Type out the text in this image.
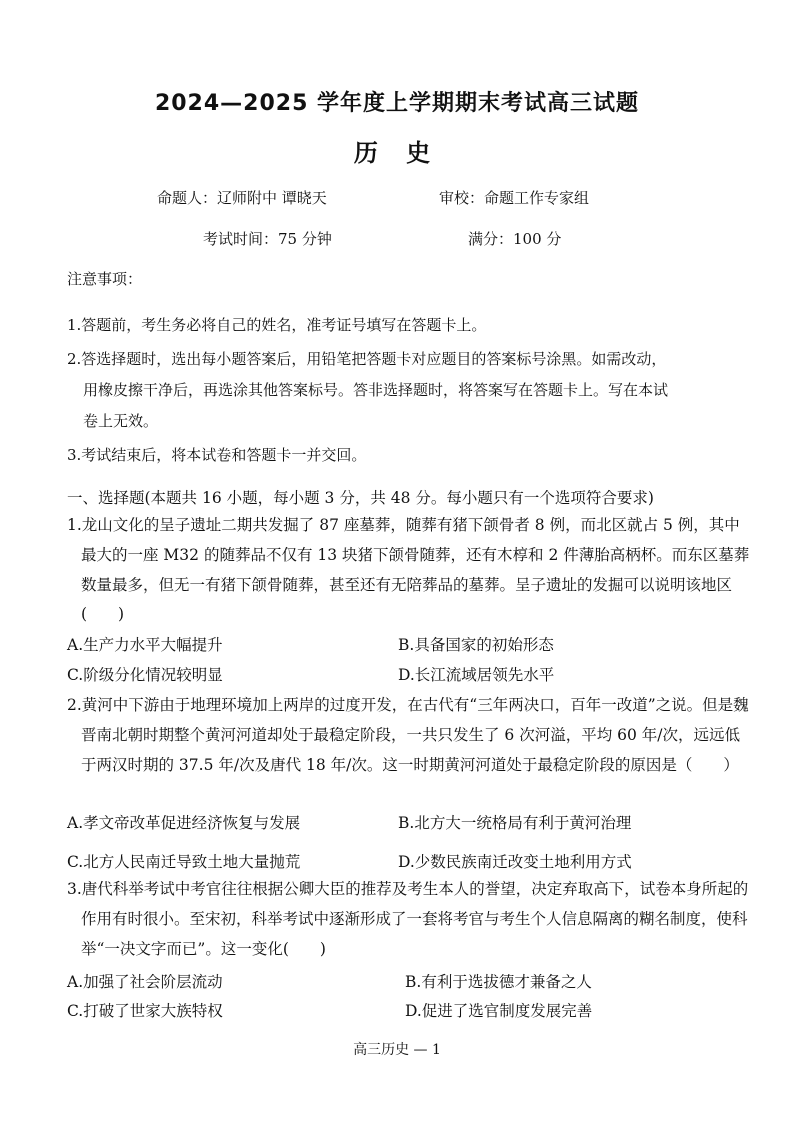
2024—2025 学年度上学期期末考试高三试题
历 史
命题人：辽师附中 谭晓天	审校：命题工作专家组
考试时间：75 分钟	满分：100 分
注意事项：
1.答题前，考生务必将自己的姓名，准考证号填写在答题卡上。
2.答选择题时，选出每小题答案后，用铅笔把答题卡对应题目的答案标号涂黑。如需改动，
用橡皮擦干净后，再选涂其他答案标号。答非选择题时，将答案写在答题卡上。写在本试
卷上无效。
3.考试结束后，将本试卷和答题卡一并交回。
一、选择题(本题共 16 小题，每小题 3 分，共 48 分。每小题只有一个选项符合要求)
1.龙山文化的呈子遗址二期共发掘了 87 座墓葬，随葬有猪下颌骨者 8 例，而北区就占 5 例，其中最大的一座 M32 的随葬品不仅有 13 块猪下颌骨随葬，还有木椁和 2 件薄胎高柄杯。而东区墓葬数量最多，但无一有猪下颌骨随葬，甚至还有无陪葬品的墓葬。呈子遗址的发掘可以说明该地区(　　)
A.生产力水平大幅提升	B.具备国家的初始形态
C.阶级分化情况较明显	D.长江流域居领先水平
2.黄河中下游由于地理环境加上两岸的过度开发，在古代有“三年两决口，百年一改道”之说。但是魏晋南北朝时期整个黄河河道却处于最稳定阶段，一共只发生了 6 次河溢，平均 60 年/次，远远低于两汉时期的 37.5 年/次及唐代 18 年/次。这一时期黄河河道处于最稳定阶段的原因是（　　）
A.孝文帝改革促进经济恢复与发展	B.北方大一统格局有利于黄河治理
C.北方人民南迁导致土地大量抛荒	D.少数民族南迁改变土地利用方式
3.唐代科举考试中考官往往根据公卿大臣的推荐及考生本人的誉望，决定弃取高下，试卷本身所起的作用有时很小。至宋初，科举考试中逐渐形成了一套将考官与考生个人信息隔离的糊名制度，使科举“一决文字而已”。这一变化(　　)
A.加强了社会阶层流动	B.有利于选拔德才兼备之人
C.打破了世家大族特权	D.促进了选官制度发展完善
高三历史 — 1
